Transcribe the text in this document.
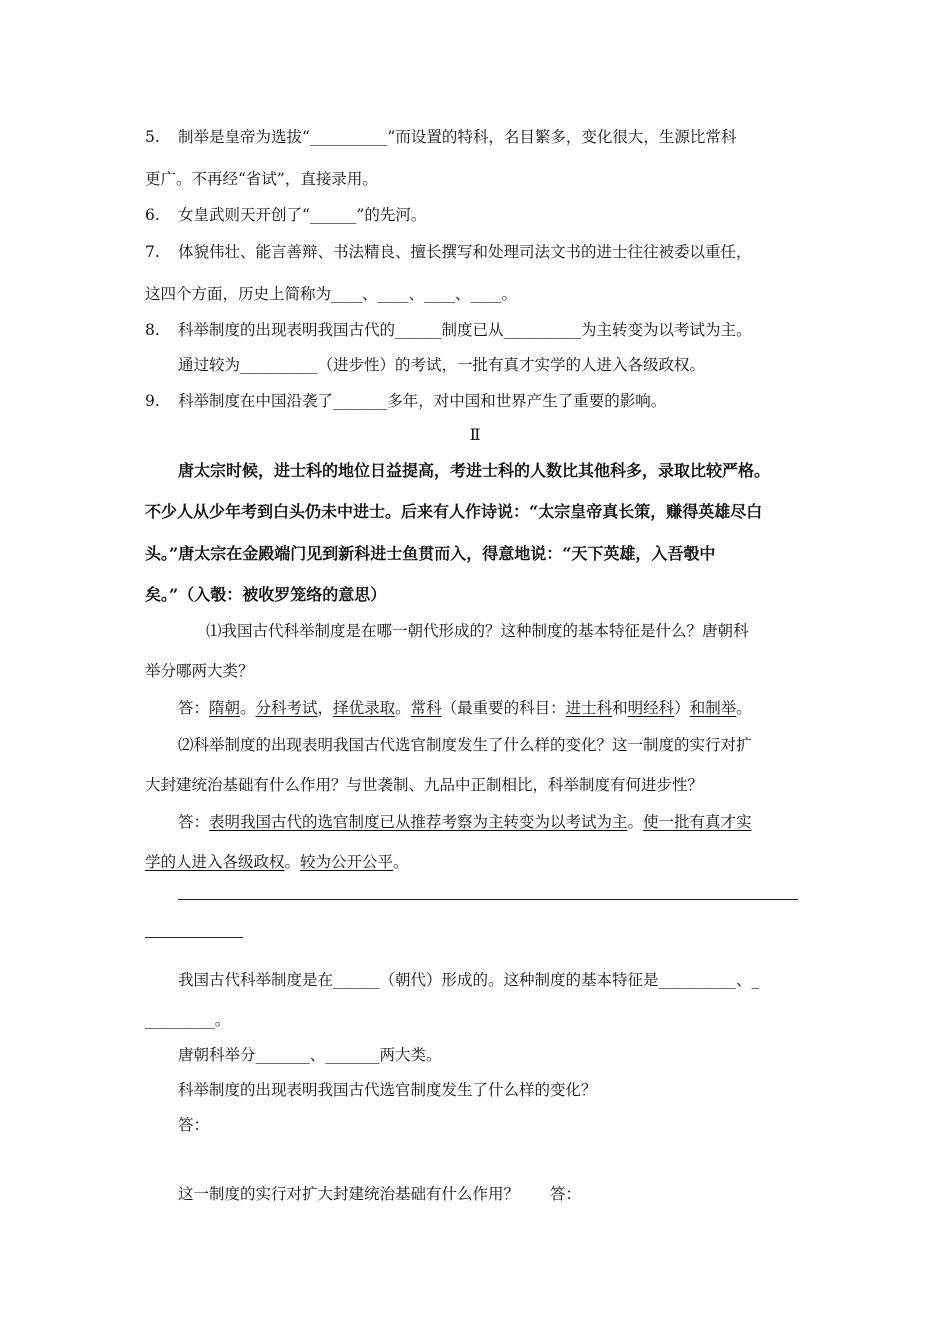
5. 制举是皇帝为选拔“__________”而设置的特科，名目繁多，变化很大，生源比常科
更广。不再经“省试”，直接录用。
6. 女皇武则天开创了“______”的先河。
7. 体貌伟壮、能言善辩、书法精良、擅长撰写和处理司法文书的进士往往被委以重任，
这四个方面，历史上简称为____、____、____、____。
8. 科举制度的出现表明我国古代的______制度已从__________为主转变为以考试为主。
通过较为__________（进步性）的考试，一批有真才实学的人进入各级政权。
9. 科举制度在中国沿袭了_______多年，对中国和世界产生了重要的影响。
Ⅱ
唐太宗时候，进士科的地位日益提高，考进士科的人数比其他科多，录取比较严格。
不少人从少年考到白头仍未中进士。后来有人作诗说：“太宗皇帝真长策，赚得英雄尽白
头。”唐太宗在金殿端门见到新科进士鱼贯而入，得意地说：“天下英雄，入吾彀中
矣。”（入彀：被收罗笼络的意思）
⑴我国古代科举制度是在哪一朝代形成的？这种制度的基本特征是什么？唐朝科
举分哪两大类？
答：隋朝。分科考试，择优录取。常科（最重要的科目：进士科和明经科）和制举。
⑵科举制度的出现表明我国古代选官制度发生了什么样的变化？这一制度的实行对扩
大封建统治基础有什么作用？与世袭制、九品中正制相比，科举制度有何进步性？
答：表明我国古代的选官制度已从推荐考察为主转变为以考试为主。使一批有真才实
学的人进入各级政权。较为公开公平。
我国古代科举制度是在______（朝代）形成的。这种制度的基本特征是__________、_
_________。
唐朝科举分_______、_______两大类。
科举制度的出现表明我国古代选官制度发生了什么样的变化？
答：
这一制度的实行对扩大封建统治基础有什么作用？　　答：
